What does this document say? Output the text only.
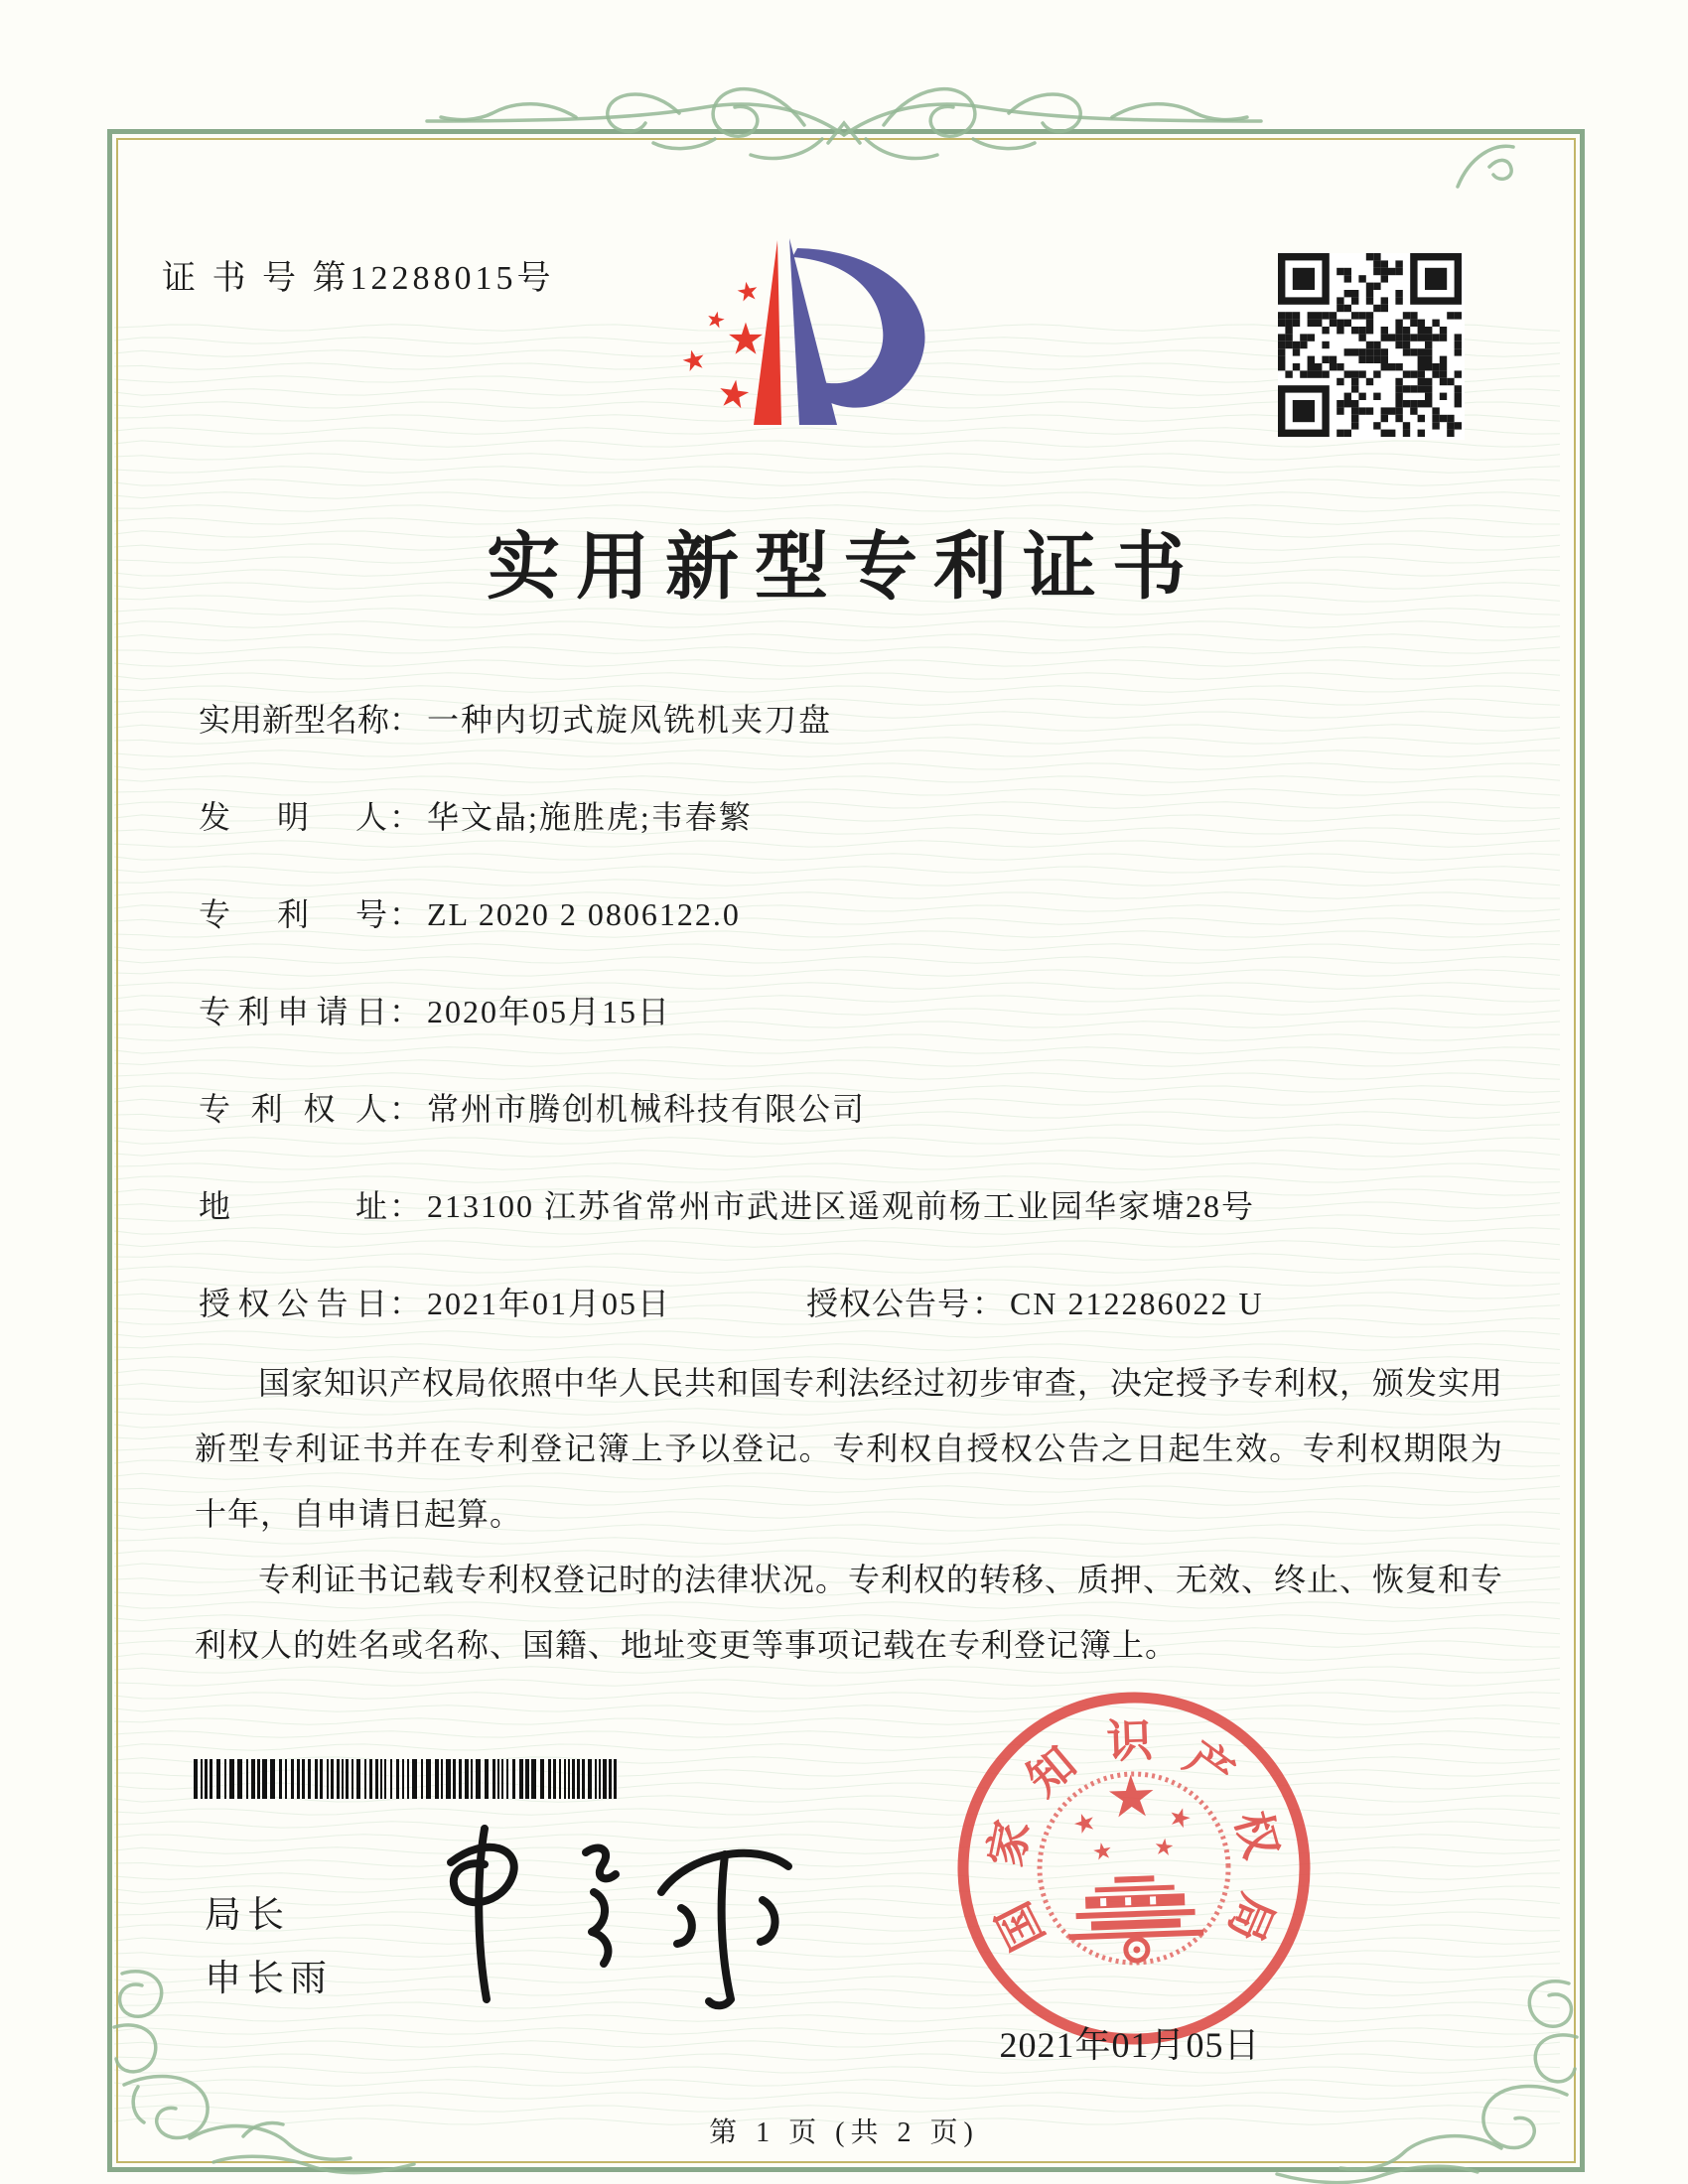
证 书 号 第12288015号	★
★
★
★
★
实用新型专利证书
实用新型名称： 一种内切式旋风铣机夹刀盘
发明人： 华文晶;施胜虎;韦春繁
专利号： ZL 2020 2 0806122.0
专利申请日： 2020年05月15日
专利权人： 常州市腾创机械科技有限公司
地址： 213100 江苏省常州市武进区遥观前杨工业园华家塘28号
授权公告日： 2021年01月05日	授权公告号： CN 212286022 U

国家知识产权局依照中华人民共和国专利法经过初步审查，决定授予专利权，颁发实用新型专利证书并在专利登记簿上予以登记。专利权自授权公告之日起生效。专利权期限为十年，自申请日起算。

专利证书记载专利权登记时的法律状况。专利权的转移、质押、无效、终止、恢复和专利权人的姓名或名称、国籍、地址变更等事项记载在专利登记簿上。

局长
申长雨
国
家
知 识 产
权
局
★
★ ★
★ ★
2021年01月05日
第 1 页 (共 2 页)
